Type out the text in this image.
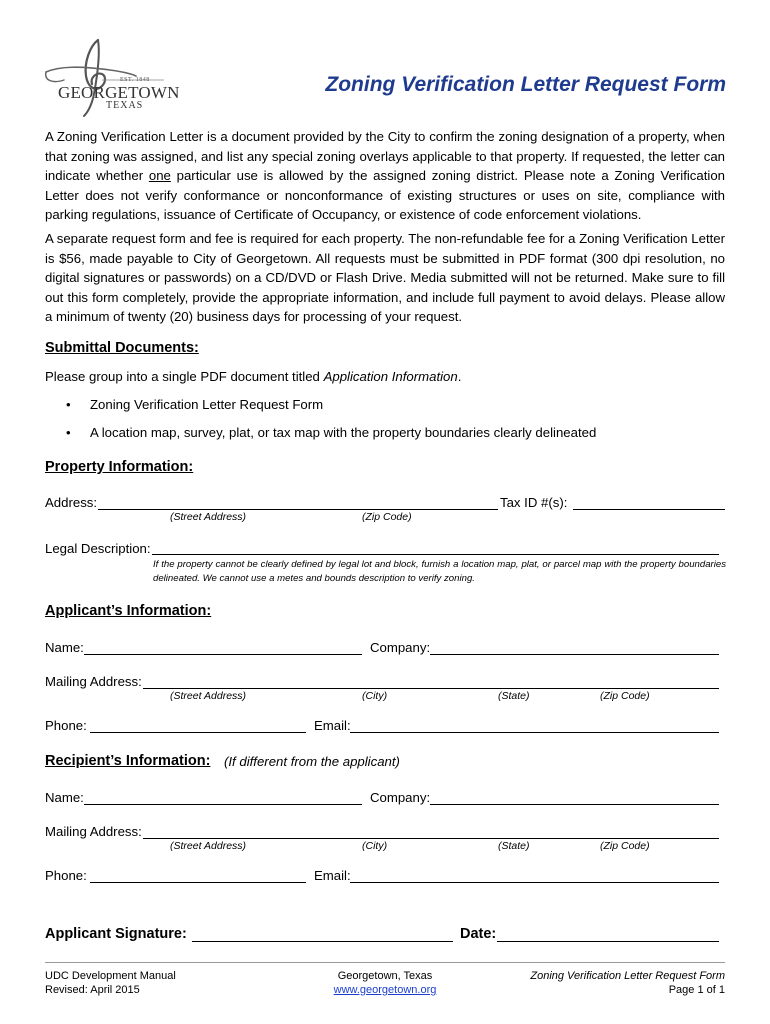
EST. 1848
GEORGETOWN
TEXAS
Zoning Verification Letter Request Form
A Zoning Verification Letter is a document provided by the City to confirm the zoning designation of a property, when that zoning was assigned, and list any special zoning overlays applicable to that property. If requested, the letter can indicate whether one particular use is allowed by the assigned zoning district. Please note a Zoning Verification Letter does not verify conformance or nonconformance of existing structures or uses on site, compliance with parking regulations, issuance of Certificate of Occupancy, or existence of code enforcement violations.
A separate request form and fee is required for each property. The non-refundable fee for a Zoning Verification Letter is $56, made payable to City of Georgetown. All requests must be submitted in PDF format (300 dpi resolution, no digital signatures or passwords) on a CD/DVD or Flash Drive. Media submitted will not be returned. Make sure to fill out this form completely, provide the appropriate information, and include full payment to avoid delays. Please allow a minimum of twenty (20) business days for processing of your request.
Submittal Documents:
Please group into a single PDF document titled Application Information.
• Zoning Verification Letter Request Form
• A location map, survey, plat, or tax map with the property boundaries clearly delineated
Property Information:
Address:	Tax ID #(s):
(Street Address)	(Zip Code)
Legal Description:
If the property cannot be clearly defined by legal lot and block, furnish a location map, plat, or parcel map with the property boundaries delineated. We cannot use a metes and bounds description to verify zoning.
Applicant’s Information:
Name:	Company:
Mailing Address:
(Street Address)	(City)	(State)	(Zip Code)
Phone:	Email:
Recipient’s Information: (If different from the applicant)
Name:	Company:
Mailing Address:
(Street Address)	(City)	(State)	(Zip Code)
Phone:	Email:
Applicant Signature:	Date:
UDC Development Manual
Revised: April 2015
Georgetown, Texas
www.georgetown.org
Zoning Verification Letter Request Form
Page 1 of 1
